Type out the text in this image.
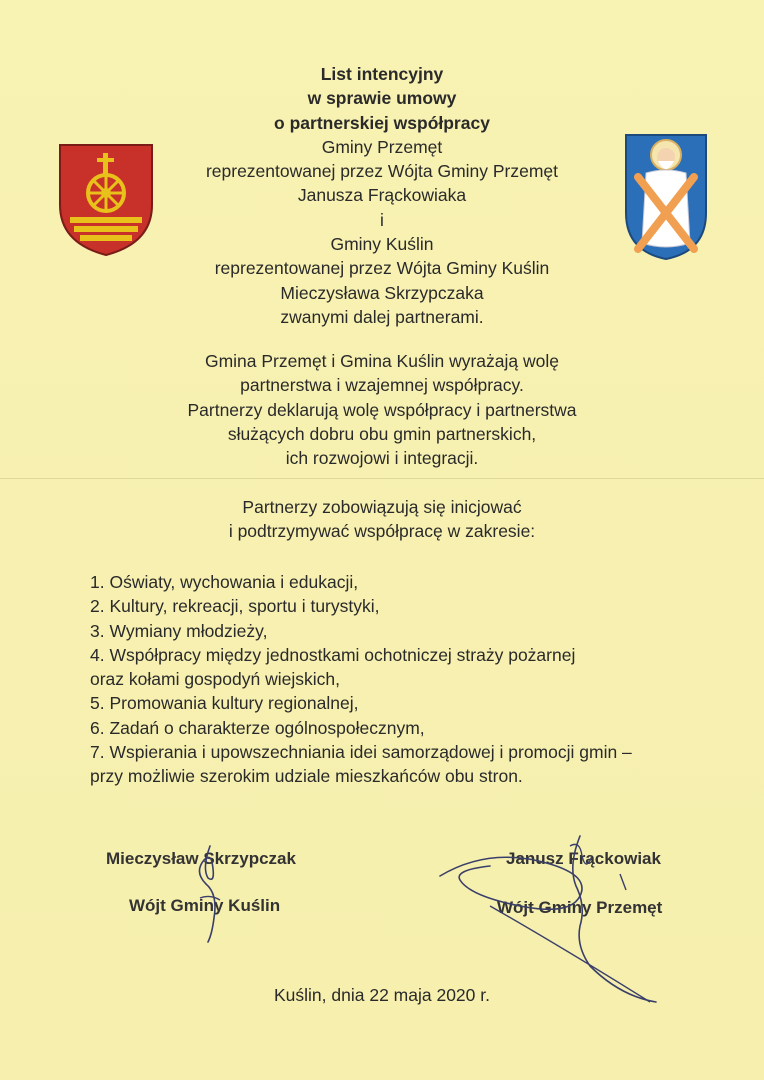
List intencyjny
w sprawie umowy
o partnerskiej współpracy
Gminy Przemęt
reprezentowanej przez Wójta Gminy Przemęt
Janusza Frąckowiaka
i
Gminy Kuślin
reprezentowanej przez Wójta Gminy Kuślin
Mieczysława Skrzypczaka
zwanymi dalej partnerami.
Gmina Przemęt i Gmina Kuślin wyrażają wolę
partnerstwa i wzajemnej współpracy.
Partnerzy deklarują wolę współpracy i partnerstwa
służących dobru obu gmin partnerskich,
ich rozwojowi i integracji.
Partnerzy zobowiązują się inicjować
i podtrzymywać współpracę w zakresie:
1. Oświaty, wychowania i edukacji,
2. Kultury, rekreacji, sportu i turystyki,
3. Wymiany młodzieży,
4. Współpracy między jednostkami ochotniczej straży pożarnej
oraz kołami gospodyń wiejskich,
5. Promowania kultury regionalnej,
6. Zadań o charakterze ogólnospołecznym,
7. Wspierania i upowszechniania idei samorządowej i promocji gmin –
przy możliwie szerokim udziale mieszkańców obu stron.
Mieczysław Skrzypczak
Wójt Gminy Kuślin
Janusz Frąckowiak
Wójt Gminy Przemęt
Kuślin, dnia 22 maja 2020 r.
